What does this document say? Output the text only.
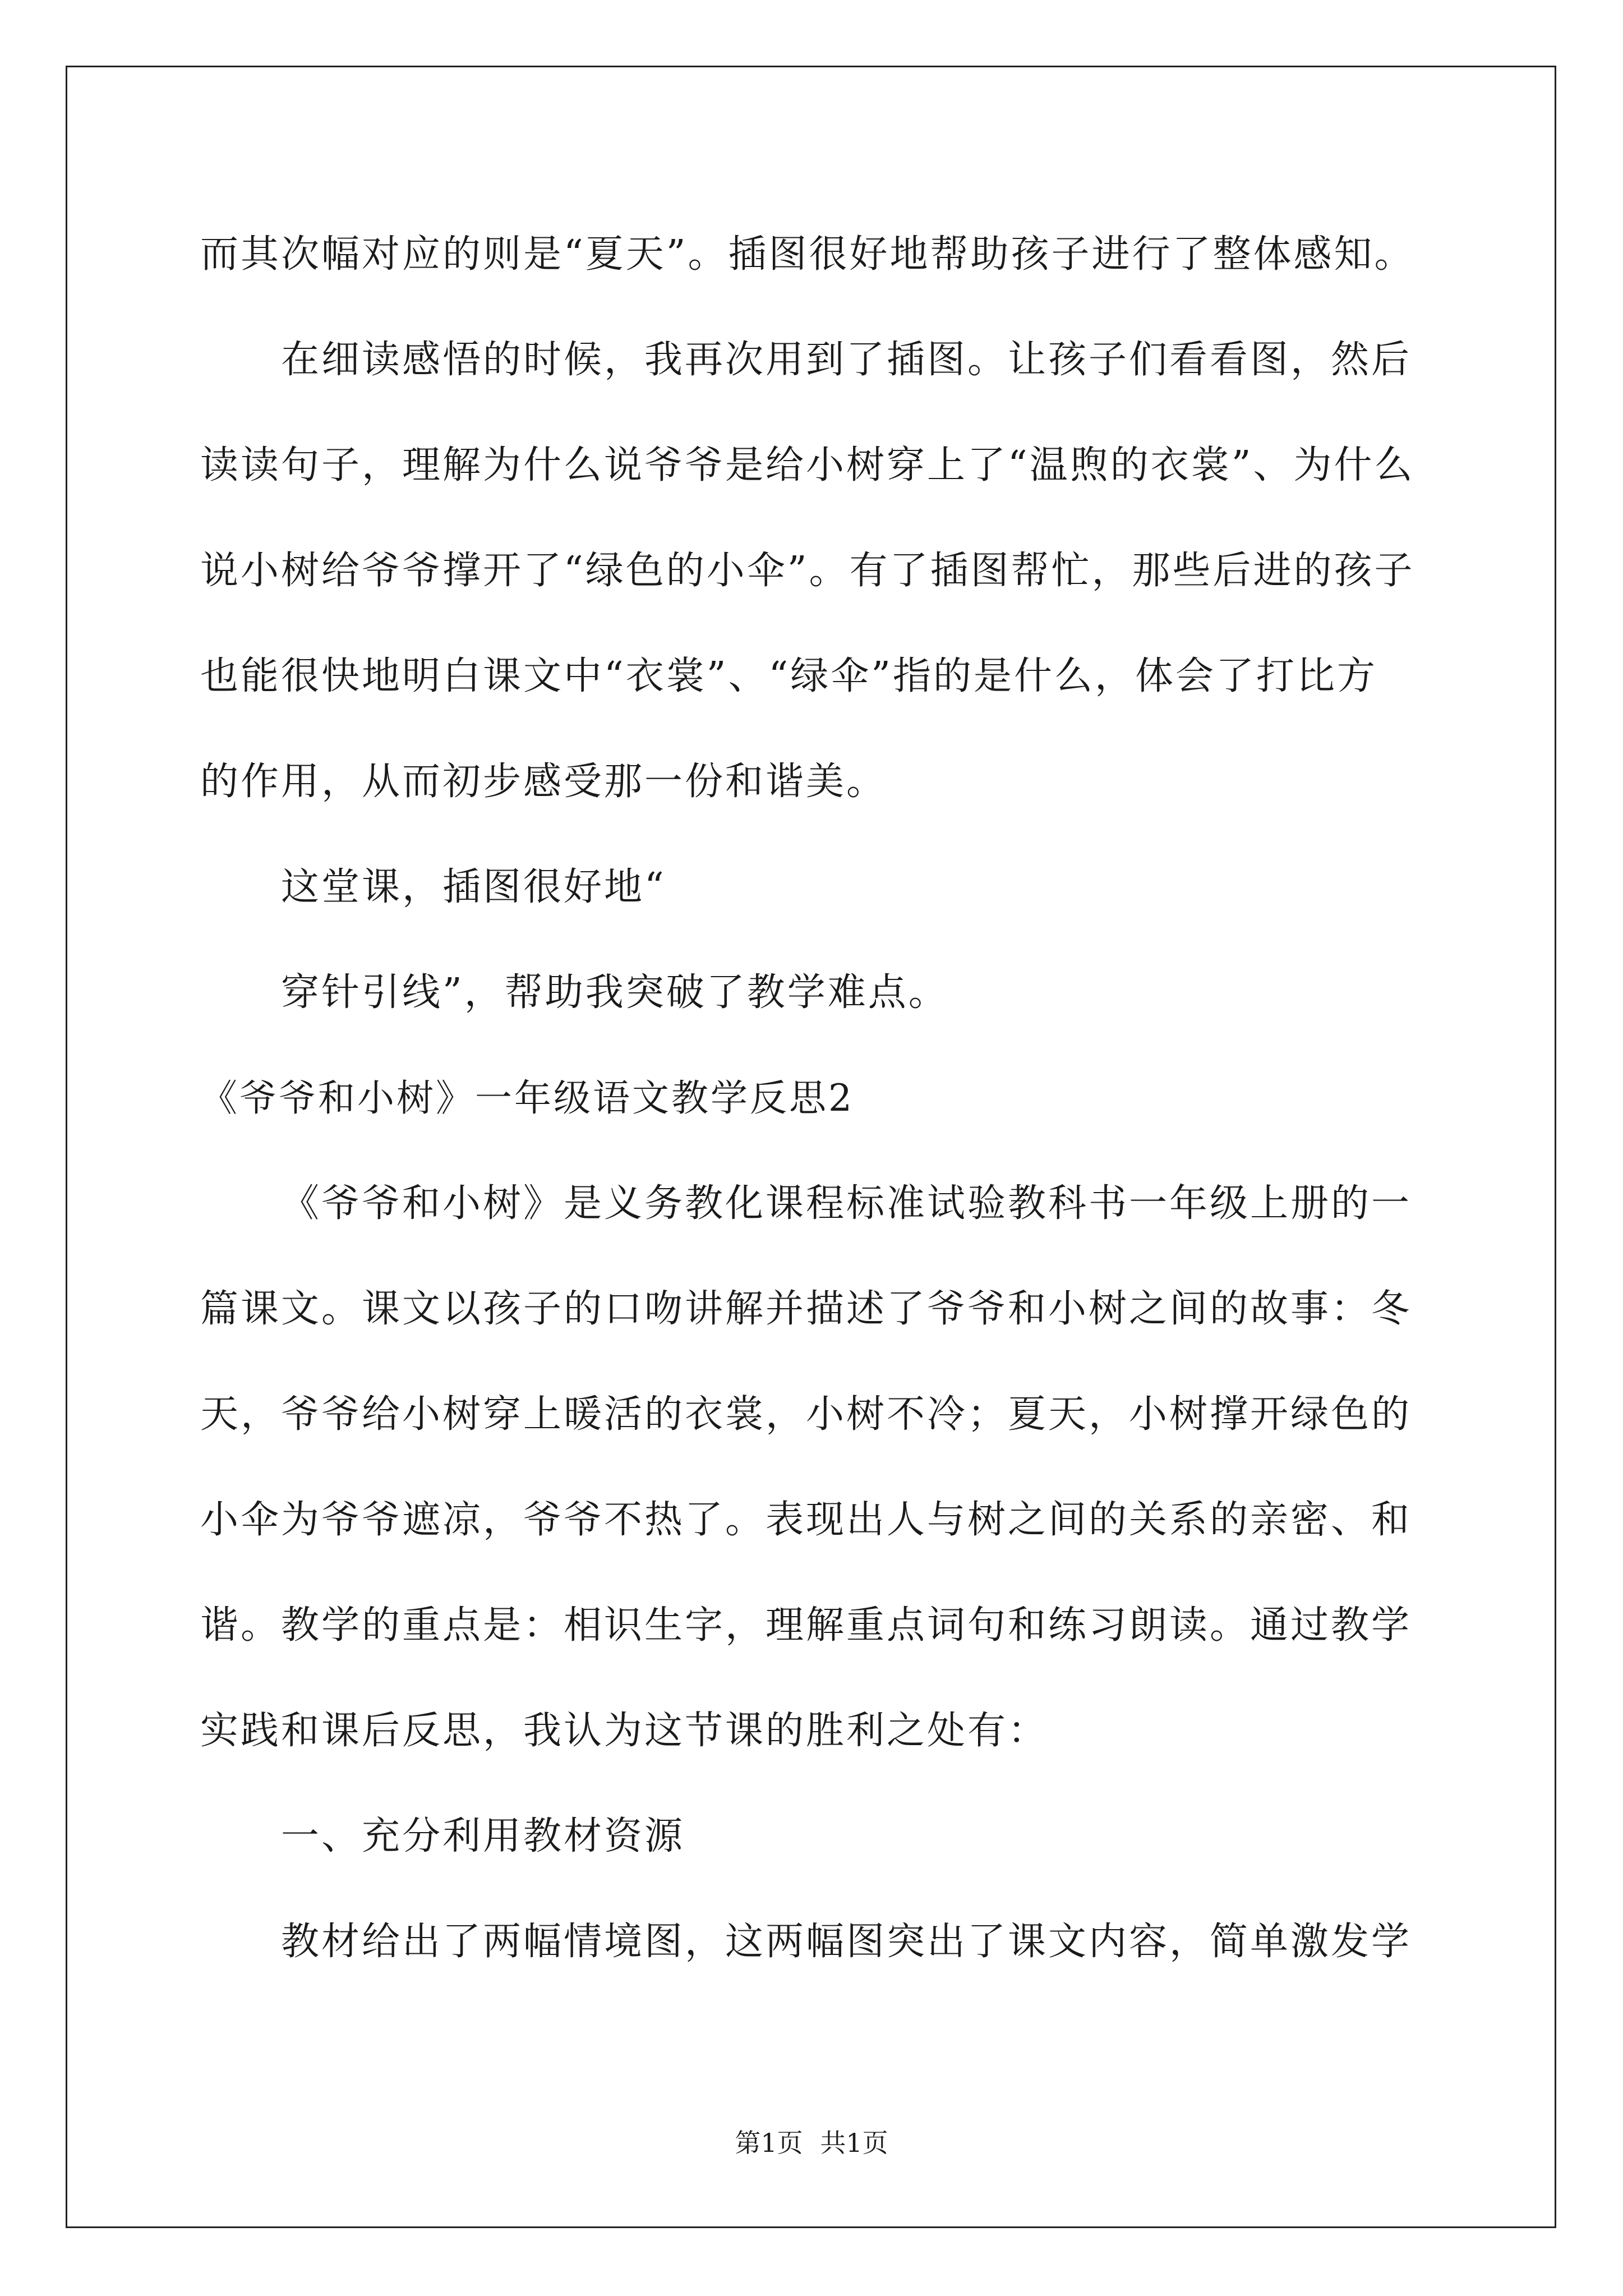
而其次幅对应的则是“夏天”。插图很好地帮助孩子进行了整体感知。
在细读感悟的时候，我再次用到了插图。让孩子们看看图，然后
读读句子，理解为什么说爷爷是给小树穿上了“温煦的衣裳”、为什么
说小树给爷爷撑开了“绿色的小伞”。有了插图帮忙，那些后进的孩子
也能很快地明白课文中“衣裳”、“绿伞”指的是什么，体会了打比方
的作用，从而初步感受那一份和谐美。
这堂课，插图很好地“
穿针引线”，帮助我突破了教学难点。
《爷爷和小树》一年级语文教学反思2
《爷爷和小树》是义务教化课程标准试验教科书一年级上册的一
篇课文。课文以孩子的口吻讲解并描述了爷爷和小树之间的故事：冬
天，爷爷给小树穿上暖活的衣裳，小树不冷；夏天，小树撑开绿色的
小伞为爷爷遮凉，爷爷不热了。表现出人与树之间的关系的亲密、和
谐。教学的重点是：相识生字，理解重点词句和练习朗读。通过教学
实践和课后反思，我认为这节课的胜利之处有：
一、充分利用教材资源
教材给出了两幅情境图，这两幅图突出了课文内容，简单激发学
第1页 共1页
